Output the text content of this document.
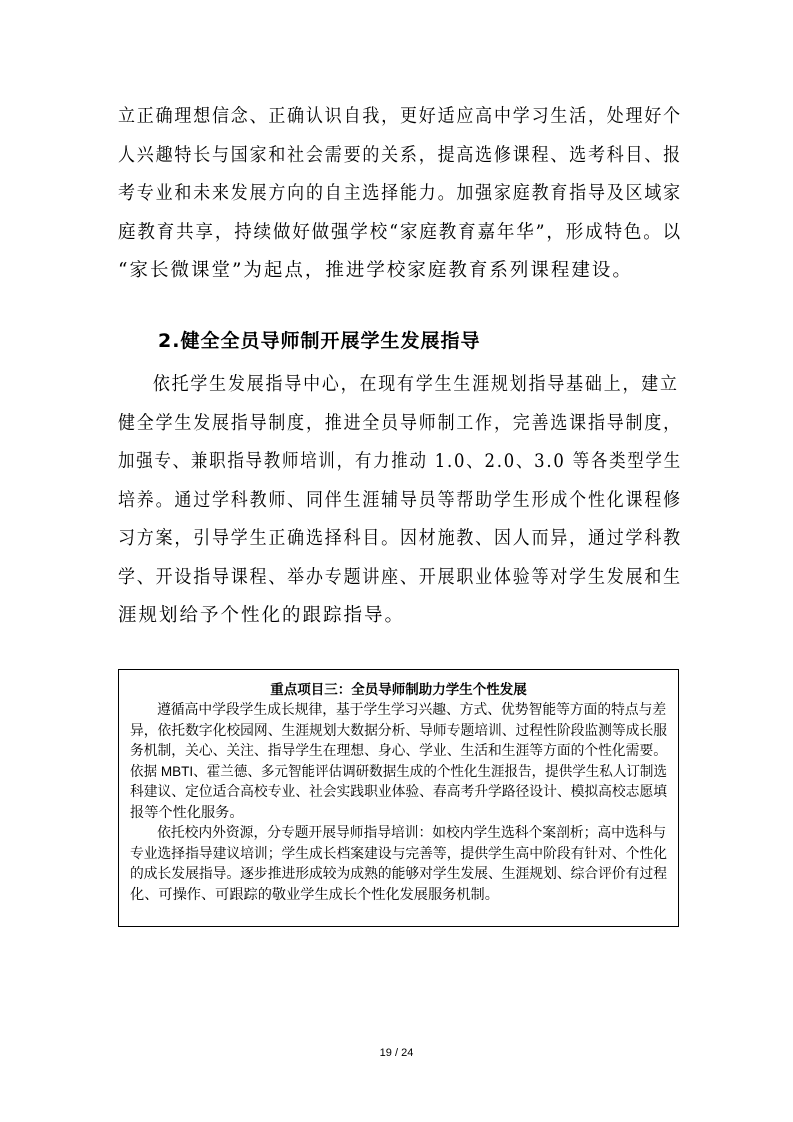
立正确理想信念、正确认识自我，更好适应高中学习生活，处理好个
人兴趣特长与国家和社会需要的关系，提高选修课程、选考科目、报
考专业和未来发展方向的自主选择能力。加强家庭教育指导及区域家
庭教育共享，持续做好做强学校“家庭教育嘉年华”，形成特色。以
“家长微课堂”为起点，推进学校家庭教育系列课程建设。
2.健全全员导师制开展学生发展指导
依托学生发展指导中心，在现有学生生涯规划指导基础上，建立
健全学生发展指导制度，推进全员导师制工作，完善选课指导制度，
加强专、兼职指导教师培训，有力推动 1.0、2.0、3.0 等各类型学生
培养。通过学科教师、同伴生涯辅导员等帮助学生形成个性化课程修
习方案，引导学生正确选择科目。因材施教、因人而异，通过学科教
学、开设指导课程、举办专题讲座、开展职业体验等对学生发展和生
涯规划给予个性化的跟踪指导。

重点项目三：全员导师制助力学生个性发展

遵循高中学段学生成长规律，基于学生学习兴趣、方式、优势智能等方面的特点与差
异，依托数字化校园网、生涯规划大数据分析、导师专题培训、过程性阶段监测等成长服
务机制，关心、关注、指导学生在理想、身心、学业、生活和生涯等方面的个性化需要。
依据 MBTI、霍兰德、多元智能评估调研数据生成的个性化生涯报告，提供学生私人订制选
科建议、定位适合高校专业、社会实践职业体验、春高考升学路径设计、模拟高校志愿填
报等个性化服务。
依托校内外资源，分专题开展导师指导培训：如校内学生选科个案剖析；高中选科与
专业选择指导建议培训；学生成长档案建设与完善等，提供学生高中阶段有针对、个性化
的成长发展指导。逐步推进形成较为成熟的能够对学生发展、生涯规划、综合评价有过程
化、可操作、可跟踪的敬业学生成长个性化发展服务机制。
19 / 24
